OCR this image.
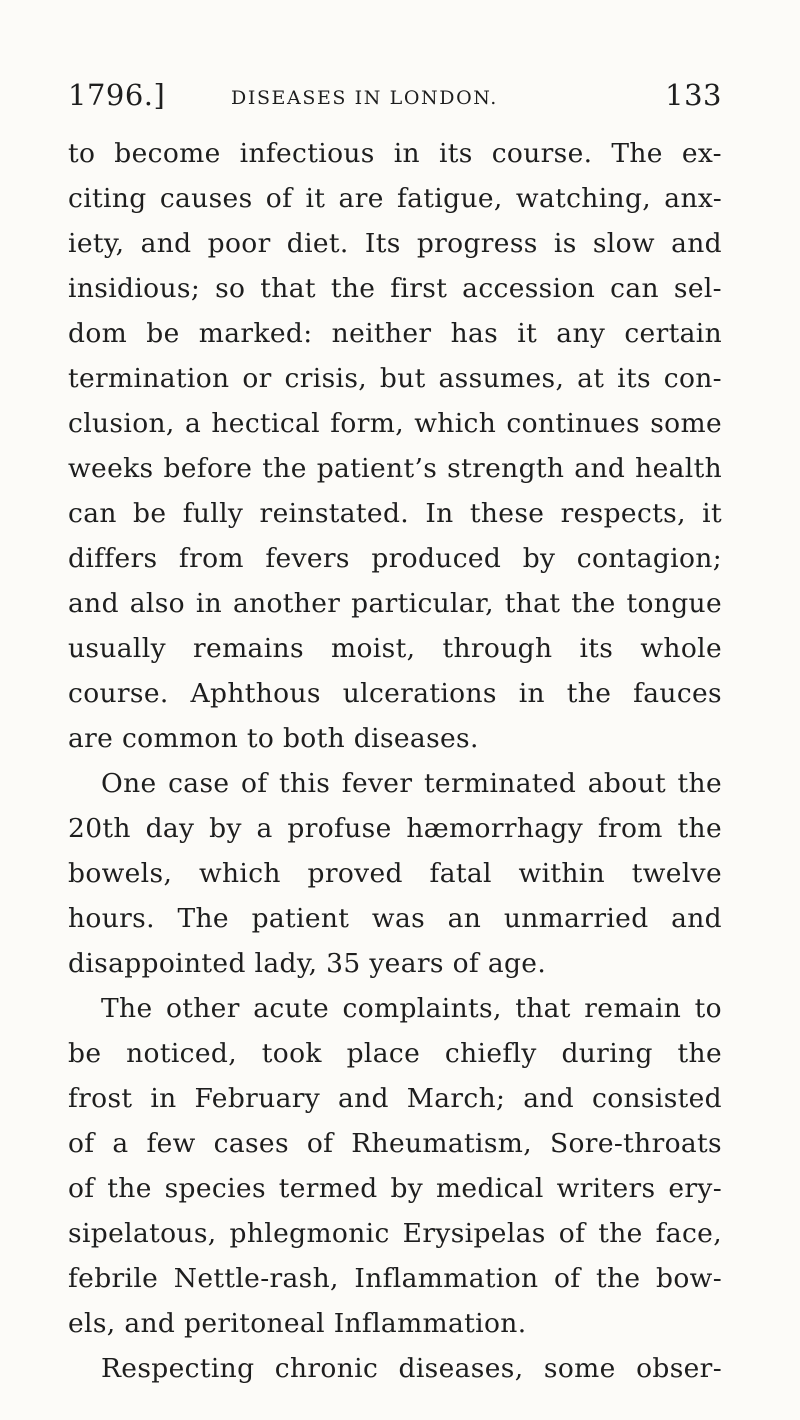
1796.]	DISEASES IN LONDON.	133
to become infectious in its course. The ex-
citing causes of it are fatigue, watching, anx-
iety, and poor diet. Its progress is slow and
insidious; so that the first accession can sel-
dom be marked: neither has it any certain
termination or crisis, but assumes, at its con-
clusion, a hectical form, which continues some
weeks before the patient’s strength and health
can be fully reinstated. In these respects, it
differs from fevers produced by contagion;
and also in another particular, that the tongue
usually remains moist, through its whole
course. Aphthous ulcerations in the fauces
are common to both diseases.
One case of this fever terminated about the
20th day by a profuse hæmorrhagy from the
bowels, which proved fatal within twelve
hours. The patient was an unmarried and
disappointed lady, 35 years of age.
The other acute complaints, that remain to
be noticed, took place chiefly during the
frost in February and March; and consisted
of a few cases of Rheumatism, Sore-throats
of the species termed by medical writers ery-
sipelatous, phlegmonic Erysipelas of the face,
febrile Nettle-rash, Inflammation of the bow-
els, and peritoneal Inflammation.
Respecting chronic diseases, some obser-
